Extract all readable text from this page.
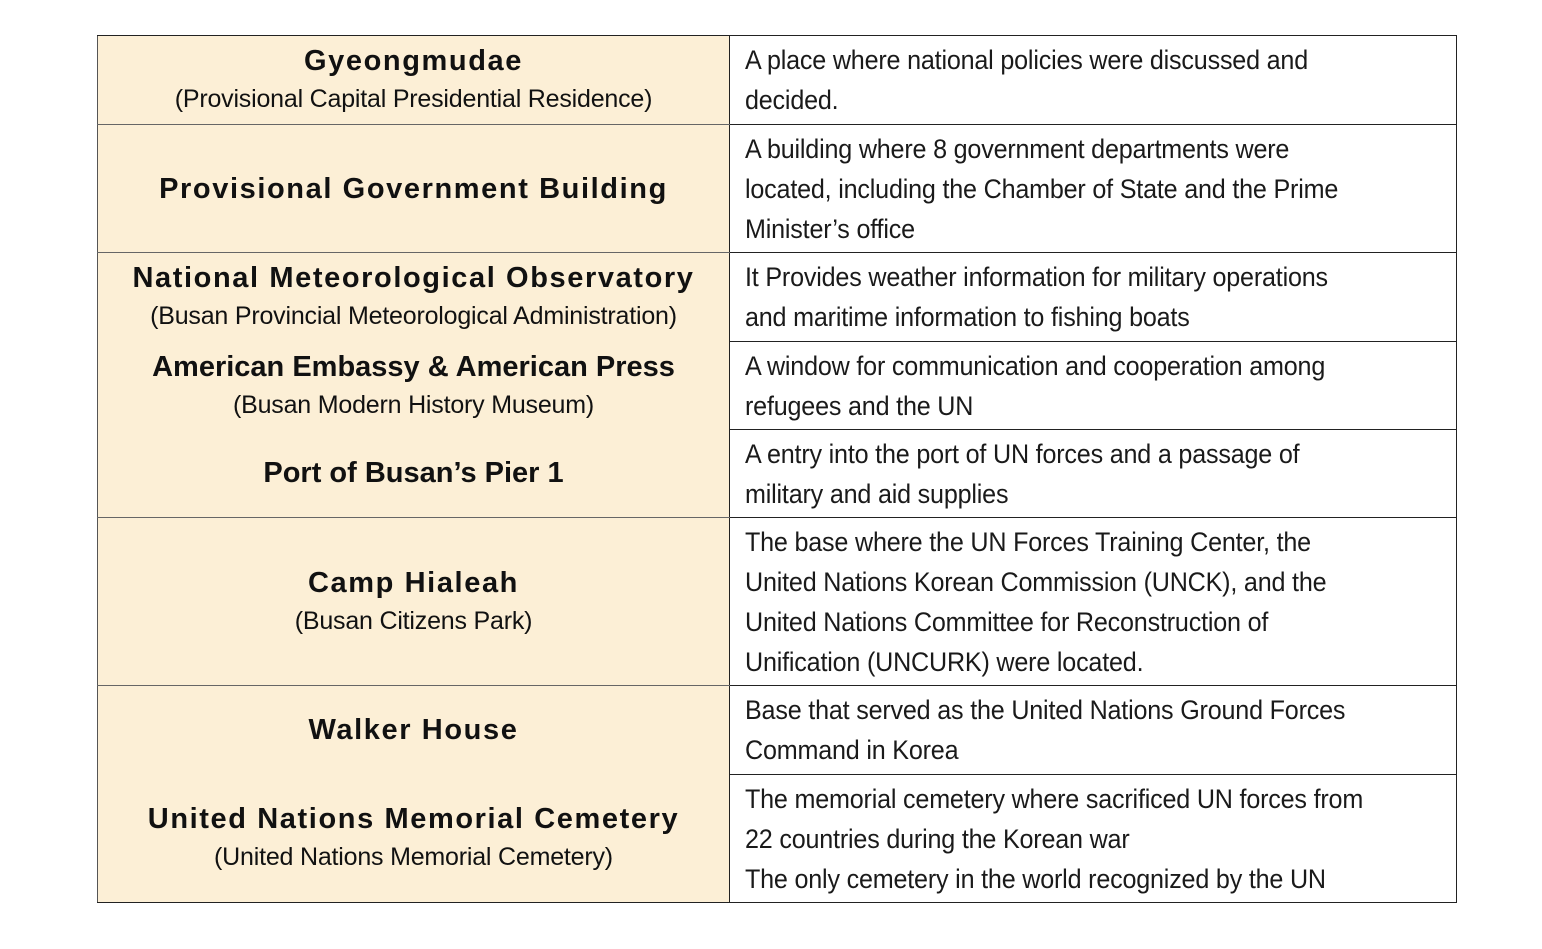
Gyeongmudae
(Provisional Capital Presidential Residence)	A place where national policies were discussed and
decided.

Provisional Government Building	A building where 8 government departments were
located, including the Chamber of State and the Prime
Minister’s office

National Meteorological Observatory
(Busan Provincial Meteorological Administration)	It Provides weather information for military operations
and maritime information to fishing boats

American Embassy & American Press
(Busan Modern History Museum)	A window for communication and cooperation among
refugees and the UN

Port of Busan’s Pier 1	A entry into the port of UN forces and a passage of
military and aid supplies

Camp Hialeah
(Busan Citizens Park)	The base where the UN Forces Training Center, the
United Nations Korean Commission (UNCK), and the
United Nations Committee for Reconstruction of
Unification (UNCURK) were located.

Walker House	Base that served as the United Nations Ground Forces
Command in Korea

United Nations Memorial Cemetery
(United Nations Memorial Cemetery)	The memorial cemetery where sacrificed UN forces from
22 countries during the Korean war
The only cemetery in the world recognized by the UN
